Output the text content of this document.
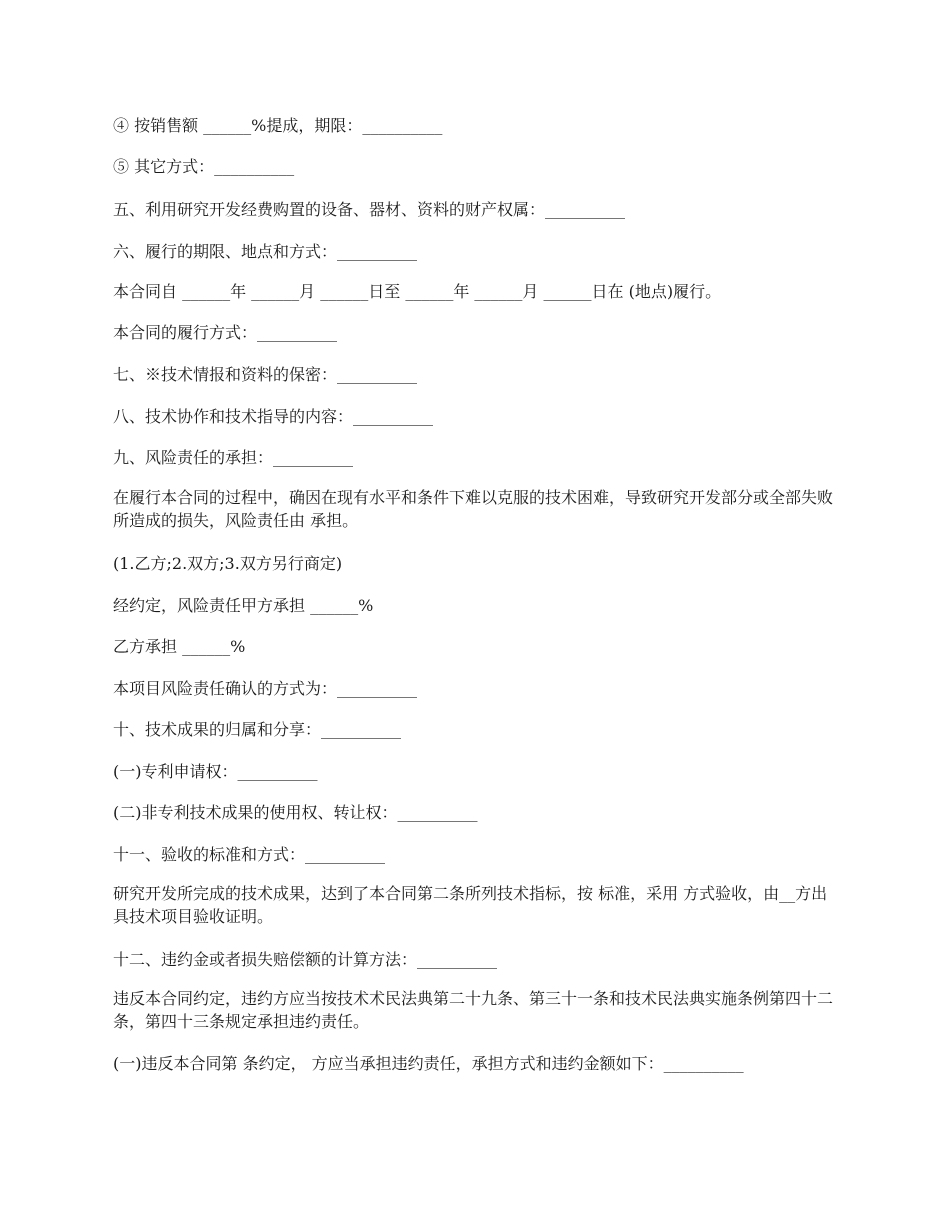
④ 按销售额 ______%提成，期限：__________
⑤ 其它方式：__________
五、利用研究开发经费购置的设备、器材、资料的财产权属：__________
六、履行的期限、地点和方式：__________
本合同自 ______年 ______月 ______日至 ______年 ______月 ______日在 (地点)履行。
本合同的履行方式：__________
七、※技术情报和资料的保密：__________
八、技术协作和技术指导的内容：__________
九、风险责任的承担：__________
在履行本合同的过程中，确因在现有水平和条件下难以克服的技术困难，导致研究开发部分或全部失败所造成的损失，风险责任由 承担。
(1.乙方;2.双方;3.双方另行商定)
经约定，风险责任甲方承担 ______%
乙方承担 ______%
本项目风险责任确认的方式为：__________
十、技术成果的归属和分享：__________
(一)专利申请权：__________
(二)非专利技术成果的使用权、转让权：__________
十一、验收的标准和方式：__________
研究开发所完成的技术成果，达到了本合同第二条所列技术指标，按 标准，采用 方式验收，由__方出具技术项目验收证明。
十二、违约金或者损失赔偿额的计算方法：__________
违反本合同约定，违约方应当按技术术民法典第二十九条、第三十一条和技术民法典实施条例第四十二条，第四十三条规定承担违约责任。
(一)违反本合同第 条约定， 方应当承担违约责任，承担方式和违约金额如下：__________
